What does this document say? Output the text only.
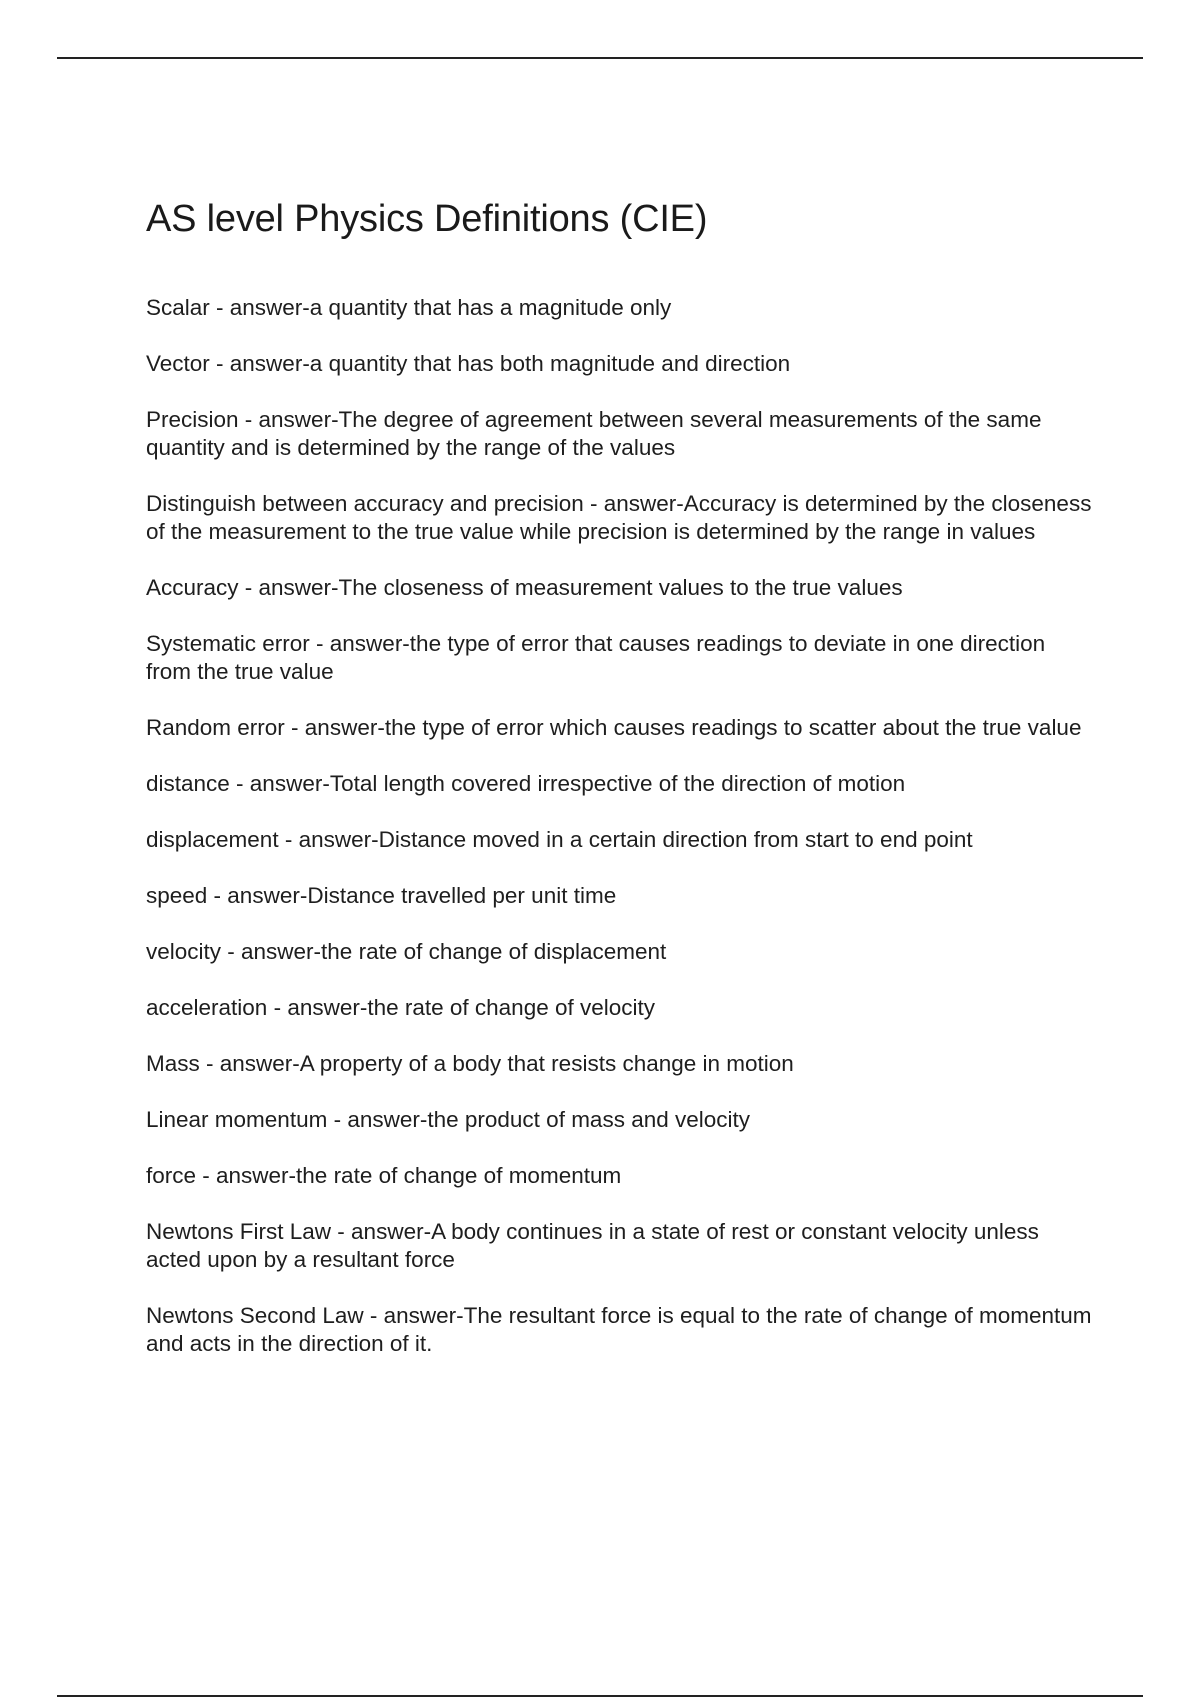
AS level Physics Definitions (CIE)

Scalar - answer-a quantity that has a magnitude only

Vector - answer-a quantity that has both magnitude and direction

Precision - answer-The degree of agreement between several measurements of the same quantity and is determined by the range of the values

Distinguish between accuracy and precision - answer-Accuracy is determined by the closeness of the measurement to the true value while precision is determined by the range in values

Accuracy - answer-The closeness of measurement values to the true values

Systematic error - answer-the type of error that causes readings to deviate in one direction from the true value

Random error - answer-the type of error which causes readings to scatter about the true value

distance - answer-Total length covered irrespective of the direction of motion

displacement - answer-Distance moved in a certain direction from start to end point

speed - answer-Distance travelled per unit time

velocity - answer-the rate of change of displacement

acceleration - answer-the rate of change of velocity

Mass - answer-A property of a body that resists change in motion

Linear momentum - answer-the product of mass and velocity

force - answer-the rate of change of momentum

Newtons First Law - answer-A body continues in a state of rest or constant velocity unless acted upon by a resultant force

Newtons Second Law - answer-The resultant force is equal to the rate of change of momentum and acts in the direction of it.
